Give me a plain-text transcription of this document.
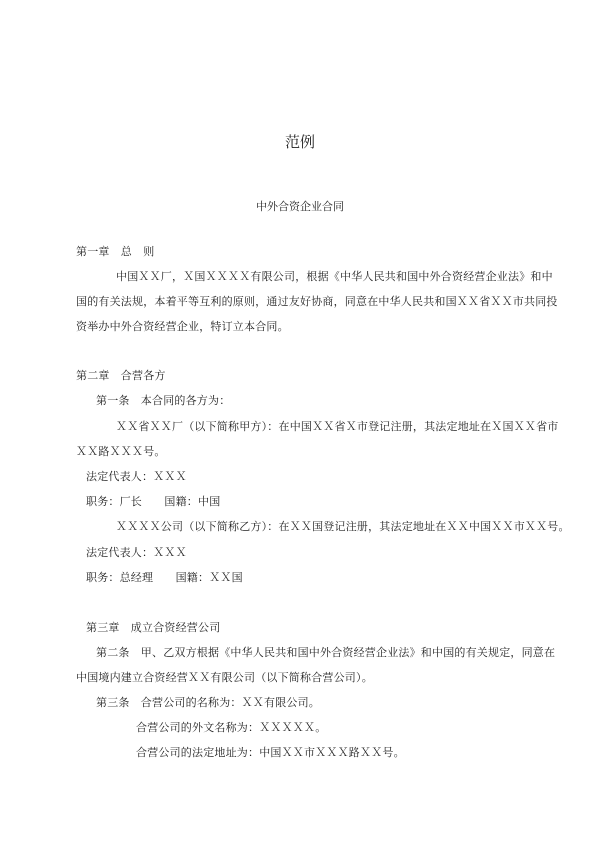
范例
中外合资企业合同
第一章　总　则
中国ＸＸ厂，Ｘ国ＸＸＸＸ有限公司，根据《中华人民共和国中外合资经营企业法》和中
国的有关法规，本着平等互利的原则，通过友好协商，同意在中华人民共和国ＸＸ省ＸＸ市共同投
资举办中外合资经营企业，特订立本合同。
第二章　合营各方
第一条　本合同的各方为：
ＸＸ省ＸＸ厂（以下简称甲方）：在中国ＸＸ省Ｘ市登记注册，其法定地址在Ｘ国ＸＸ省市
ＸＸ路ＸＸＸ号。
法定代表人：ＸＸＸ
职务：厂长　　国籍：中国
ＸＸＸＸ公司（以下简称乙方）：在ＸＸ国登记注册，其法定地址在ＸＸ中国ＸＸ市ＸＸ号。
法定代表人：ＸＸＸ
职务：总经理　　国籍：ＸＸ国
第三章　成立合资经营公司
第二条　甲、乙双方根据《中华人民共和国中外合资经营企业法》和中国的有关规定，同意在
中国境内建立合资经营ＸＸ有限公司（以下简称合营公司）。
第三条　合营公司的名称为：ＸＸ有限公司。
合营公司的外文名称为：ＸＸＸＸＸ。
合营公司的法定地址为：中国ＸＸ市ＸＸＸ路ＸＸ号。
